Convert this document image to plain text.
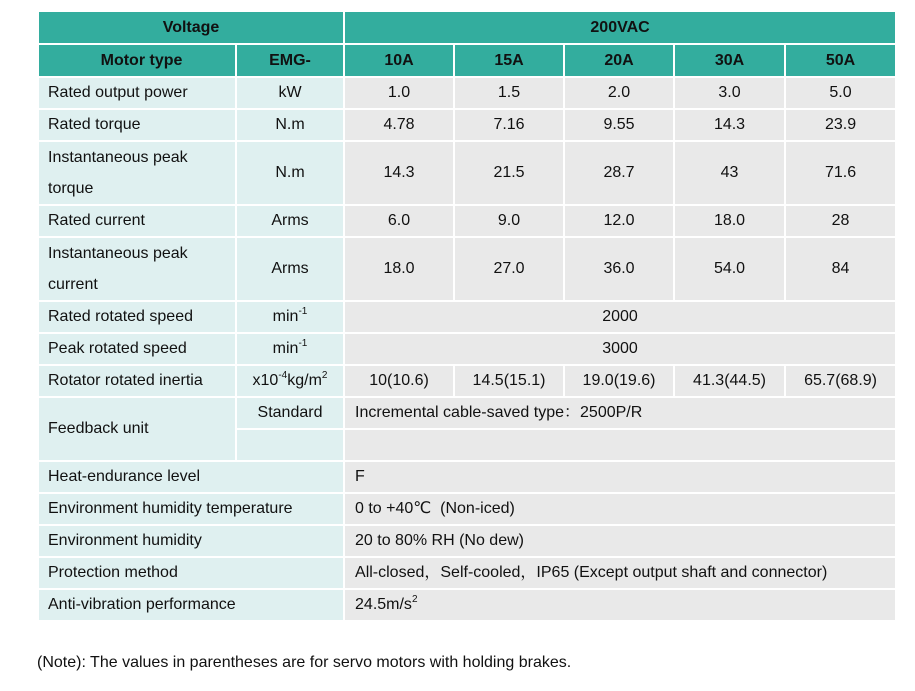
Voltage		200VAC				
Motor type	EMG-	10A	15A	20A	30A	50A
Rated output power	kW	1.0	1.5	2.0	3.0	5.0
Rated torque	N.m	4.78	7.16	9.55	14.3	23.9
Instantaneous peak
torque	N.m	14.3	21.5	28.7	43	71.6
Rated current	Arms	6.0	9.0	12.0	18.0	28
Instantaneous peak
current	Arms	18.0	27.0	36.0	54.0	84
Rated rotated speed	$\min^{-1}$	2000				
Peak rotated speed	$\min^{-1}$	3000				
Rotator rotated inertia	$x10^{-4}kg/m^2$	10(10.6)	14.5(15.1)	19.0(19.6)	41.3(44.5)	65.7(68.9)
Feedback unit	Standard	Incremental cable-saved type：2500P/R				

Heat-endurance level		F				
Environment humidity temperature		0 to +40℃  (Non-iced)				
Environment humidity		20 to 80% RH (No dew)				
Protection method		All-closed，Self-cooled，IP65 (Except output shaft and connector)				
Anti-vibration performance		$24.5m/s^2$
(Note): The values in parentheses are for servo motors with holding brakes.
